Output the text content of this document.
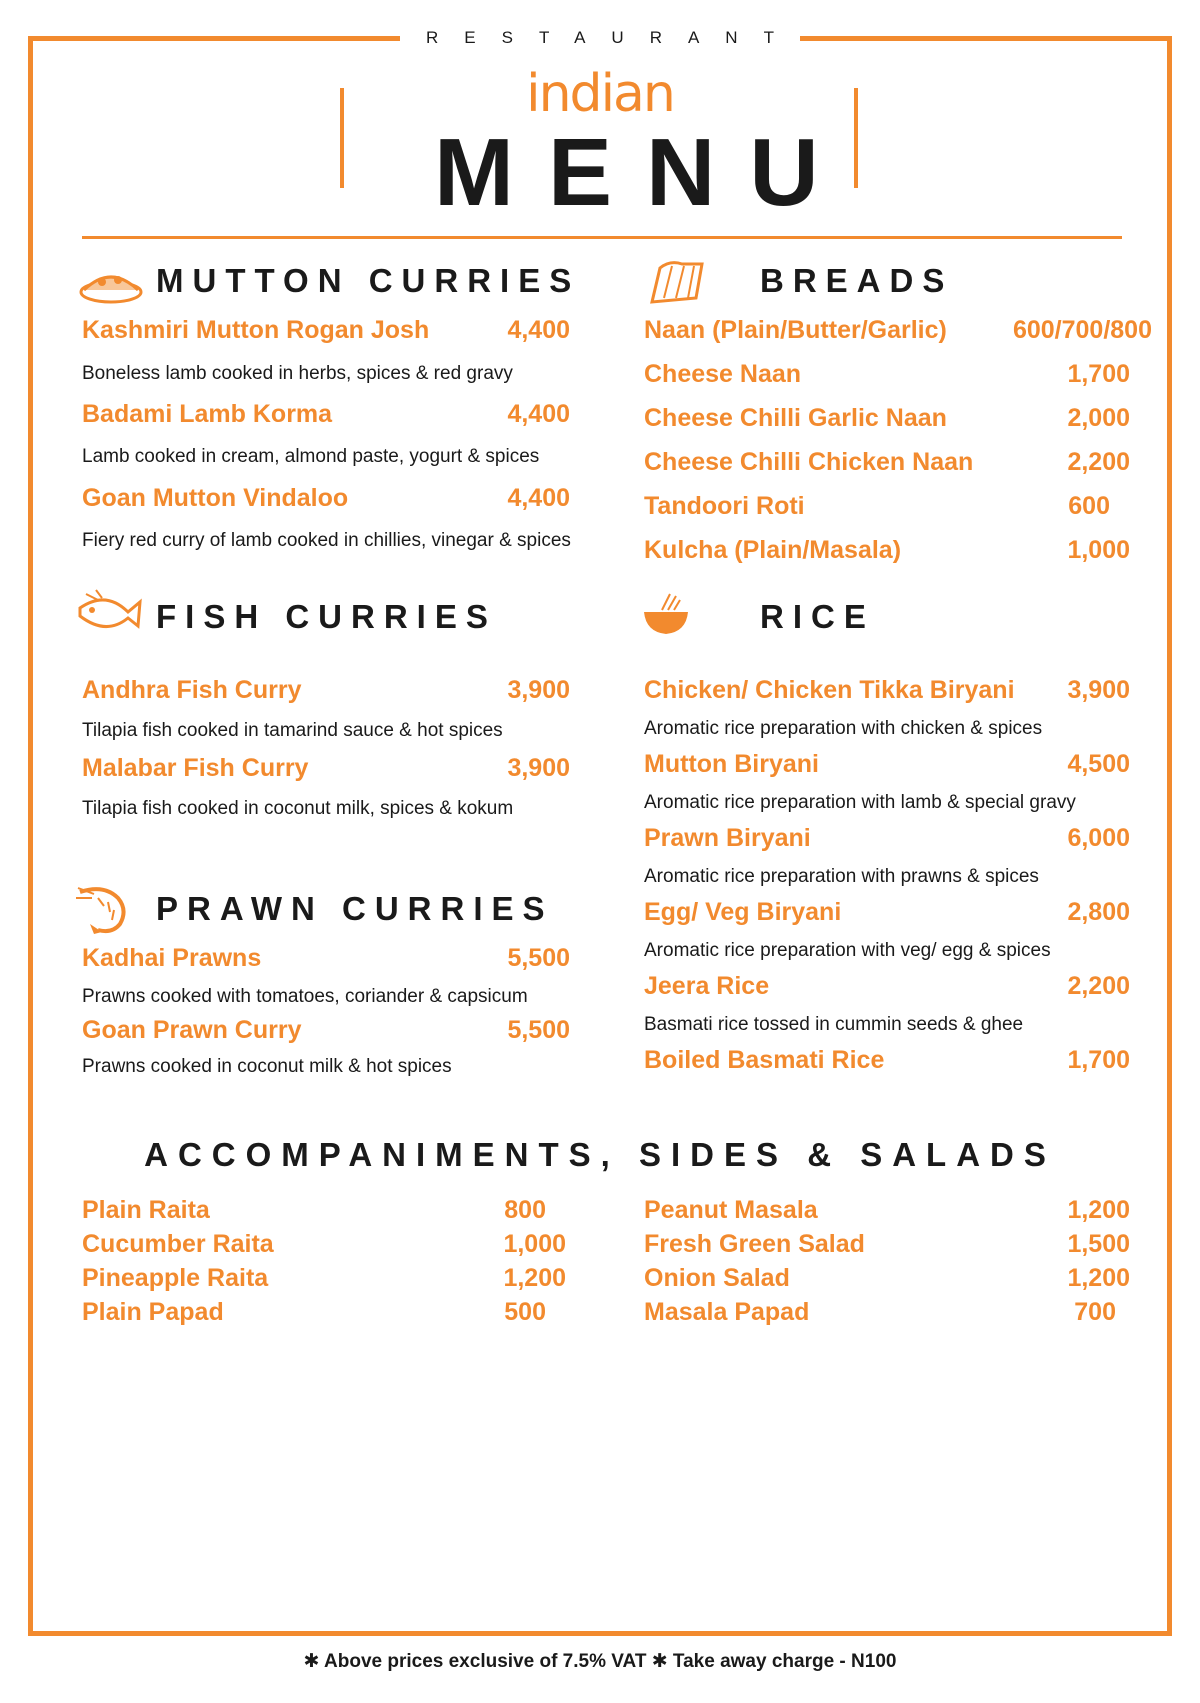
RESTAURANT
indian
MENU
MUTTON CURRIES
Kashmiri Mutton Rogan Josh	4,400
Boneless lamb cooked in herbs, spices & red gravy
Badami Lamb Korma	4,400
Lamb cooked in cream, almond paste, yogurt & spices
Goan Mutton Vindaloo	4,400
Fiery red curry of lamb cooked in chillies, vinegar & spices
BREADS
Naan (Plain/Butter/Garlic)	600/700/800
Cheese Naan	1,700
Cheese Chilli Garlic Naan	2,000
Cheese Chilli Chicken Naan	2,200
Tandoori Roti	600
Kulcha (Plain/Masala)	1,000
FISH CURRIES
Andhra Fish Curry	3,900
Tilapia fish cooked in tamarind sauce & hot spices
Malabar Fish Curry	3,900
Tilapia fish cooked in coconut milk, spices & kokum
RICE
Chicken/ Chicken Tikka Biryani	3,900
Aromatic rice preparation with chicken & spices
Mutton Biryani	4,500
Aromatic rice preparation with lamb & special gravy
Prawn Biryani	6,000
Aromatic rice preparation with prawns & spices
Egg/ Veg Biryani	2,800
Aromatic rice preparation with veg/ egg & spices
Jeera Rice	2,200
Basmati rice tossed in cummin seeds & ghee
Boiled Basmati Rice	1,700
PRAWN CURRIES
Kadhai Prawns	5,500
Prawns cooked with tomatoes, coriander & capsicum
Goan Prawn Curry	5,500
Prawns cooked in coconut milk & hot spices
ACCOMPANIMENTS, SIDES & SALADS
Plain Raita	800
Cucumber Raita	1,000
Pineapple Raita	1,200
Plain Papad	500
Peanut Masala	1,200
Fresh Green Salad	1,500
Onion Salad	1,200
Masala Papad	700
✱ Above prices exclusive of 7.5% VAT ✱ Take away charge - N100
